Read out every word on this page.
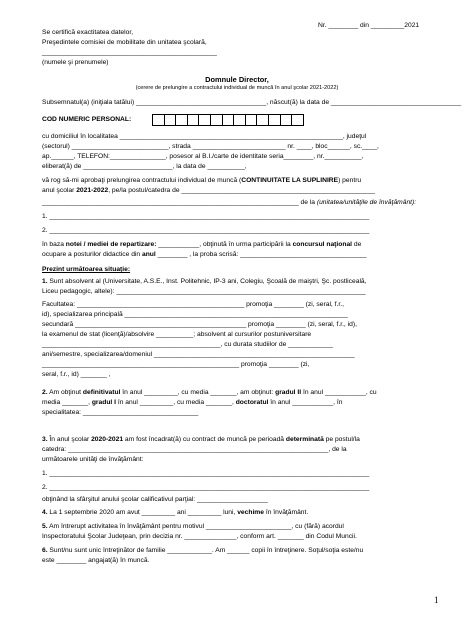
Nr. ________ din _________2021
Se certifică exactitatea datelor,
Preşedintele comisiei de mobilitate din unitatea şcolară,
_______________________________________________
(numele şi prenumele)
Domnule Director,
(cerere de prelungire a contractului individual de muncă în anul şcolar 2021-2022)
Subsemnatul(a) (iniţiala tatălui) ___________________________________, născut(ă) la data de ___________________________________
COD NUMERIC PERSONAL:
cu domiciliul în localitatea ____________________________________________________________, judeţul
(sectorul) __________________________, strada _________________________ nr. ____, bloc______, sc.____,
ap.______, TELEFON:_______________, posesor al B.I./carte de identitate seria________, nr.__________,
eliberat(ă) de ________________________, la data de __________,
vă rog să-mi aprobaţi prelungirea contractului individual de muncă (CONTINUITATE LA SUPLINIRE) pentru
anul şcolar 2021-2022, pe/la postul/catedra de ____________________________________________________
_____________________________________________________________________ de la (unitatea/unităţile de învăţământ):
1. ______________________________________________________________________________________
2. ______________________________________________________________________________________
în baza notei / mediei de repartizare: ___________, obţinută în urma participării la concursul naţional de
ocupare a posturilor didactice din anul ________ , la proba scrisă: __________________________________
Prezint următoarea situaţie:
1. Sunt absolvent al (Universitate, A.S.E., Inst. Politehnic, IP-3 ani, Colegiu, Şcoală de maiştri, Şc. postliceală,
Liceu pedagogic, altele): ___________________________________________________________________
Facultatea: _____________________________________________ promoţia ________ (zi, seral, f.r.,
id), specializarea principală ____________________________________________________________
secundară ______________________________________________ promoţia ________ (zi, seral, f.r., id),
la examenul de stat (licenţă)/absolvire __________; absolvent al cursurilor postuniversitare
________________________________________________, cu durata studiilor de ____________
ani/semestre, specializarea/domeniul ______________________________________________________
_____________________________________________________ promoţia ________ (zi,
seral, f.r., id) _______ ,
2. Am obţinut definitivatul în anul _________, cu media _______, am obţinut: gradul II în anul ___________, cu
media _______, gradul I în anul _________, cu media _______, doctoratul în anul ___________, în
specialitatea: _______________________________
3. În anul şcolar 2020-2021 am fost încadrat(ă) cu contract de muncă pe perioadă determinată pe postul/la
catedra: ______________________________________________________________________, de la
următoarele unităţi de învăţământ:
1. ______________________________________________________________________________________
2. ______________________________________________________________________________________
obţinând la sfârşitul anului şcolar calificativul parţial: ___________________
4. La 1 septembrie 2020 am avut _________ ani _________ luni, vechime în învăţământ.
5. Am întrerupt activitatea în învăţământ pentru motivul _______________________, cu (fără) acordul
Inspectoratului Şcolar Judeţean, prin decizia nr. ______________, conform art. _______ din Codul Muncii.
6. Sunt/nu sunt unic întreţinător de familie ____________. Am ______ copii în întreţinere. Soţul/soţia este/nu
este ________ angajat(ă) în muncă.
1
